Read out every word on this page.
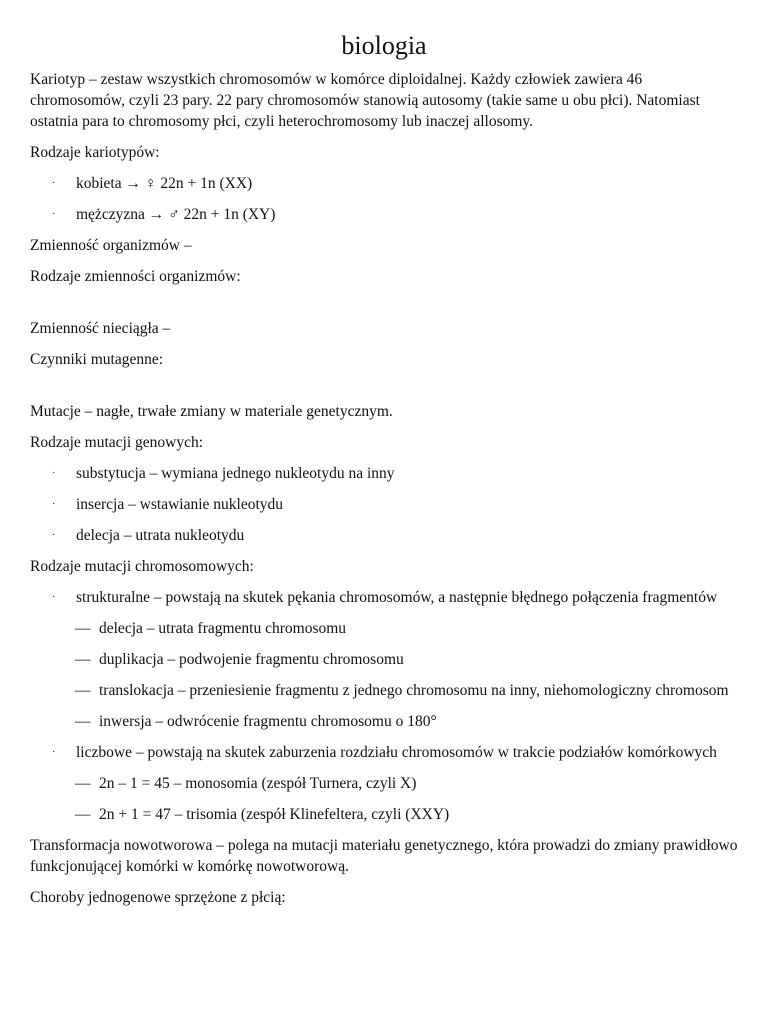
biologia

Kariotyp – zestaw wszystkich chromosomów w komórce diploidalnej. Każdy człowiek zawiera 46 chromosomów, czyli 23 pary. 22 pary chromosomów stanowią autosomy (takie same u obu płci). Natomiast ostatnia para to chromosomy płci, czyli heterochromosomy lub inaczej allosomy.

Rodzaje kariotypów:

· kobieta → ♀ 22n + 1n (XX)
· mężczyzna → ♂ 22n + 1n (XY)

Zmienność organizmów –

Rodzaje zmienności organizmów:

Zmienność nieciągła –

Czynniki mutagenne:

Mutacje – nagłe, trwałe zmiany w materiale genetycznym.

Rodzaje mutacji genowych:

· substytucja – wymiana jednego nukleotydu na inny
· insercja – wstawianie nukleotydu
· delecja – utrata nukleotydu

Rodzaje mutacji chromosomowych:

· strukturalne – powstają na skutek pękania chromosomów, a następnie błędnego połączenia fragmentów
— delecja – utrata fragmentu chromosomu
— duplikacja – podwojenie fragmentu chromosomu
— translokacja – przeniesienie fragmentu z jednego chromosomu na inny, niehomologiczny chromosom
— inwersja – odwrócenie fragmentu chromosomu o 180°
· liczbowe – powstają na skutek zaburzenia rozdziału chromosomów w trakcie podziałów komórkowych
— 2n – 1 = 45 – monosomia (zespół Turnera, czyli X)
— 2n + 1 = 47 – trisomia (zespół Klinefeltera, czyli (XXY)

Transformacja nowotworowa – polega na mutacji materiału genetycznego, która prowadzi do zmiany prawidłowo funkcjonującej komórki w komórkę nowotworową.

Choroby jednogenowe sprzężone z płcią:
